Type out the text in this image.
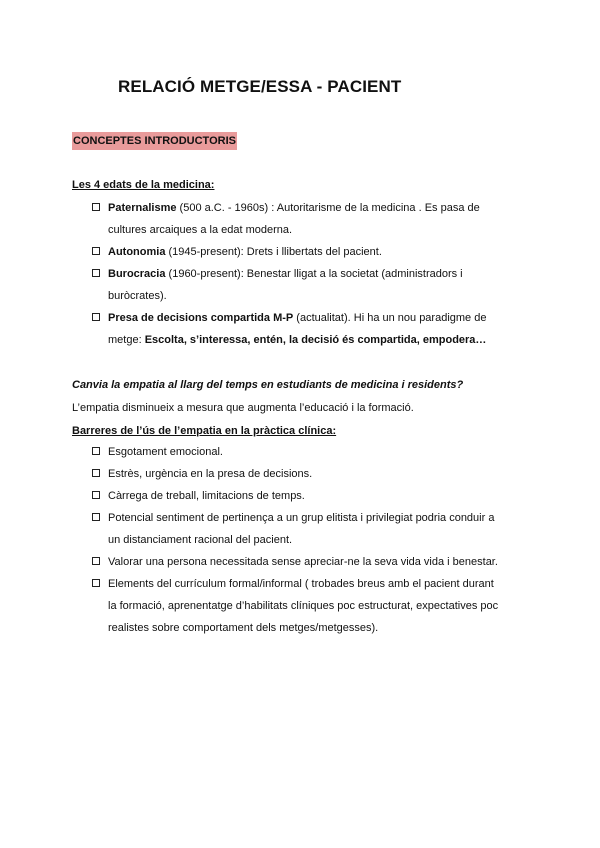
RELACIÓ METGE/ESSA - PACIENT
CONCEPTES INTRODUCTORIS
Les 4 edats de la medicina:
Paternalisme (500 a.C. - 1960s) : Autoritarisme de la medicina . Es pasa de
cultures arcaiques a la edat moderna.
Autonomia (1945-present): Drets i llibertats del pacient.
Burocracia (1960-present): Benestar lligat a la societat (administradors i
buròcrates).
Presa de decisions compartida M-P (actualitat). Hi ha un nou paradigme de
metge: Escolta, s’interessa, entén, la decisió és compartida, empodera…
Canvia la empatia al llarg del temps en estudiants de medicina i residents?
L’empatia disminueix a mesura que augmenta l’educació i la formació.
Barreres de l’ús de l’empatia en la pràctica clínica:
Esgotament emocional.
Estrès, urgència en la presa de decisions.
Càrrega de treball, limitacions de temps.
Potencial sentiment de pertinença a un grup elitista i privilegiat podria conduir a
un distanciament racional del pacient.
Valorar una persona necessitada sense apreciar-ne la seva vida vida i benestar.
Elements del currículum formal/informal ( trobades breus amb el pacient durant
la formació, aprenentatge d’habilitats clíniques poc estructurat, expectatives poc
realistes sobre comportament dels metges/metgesses).
